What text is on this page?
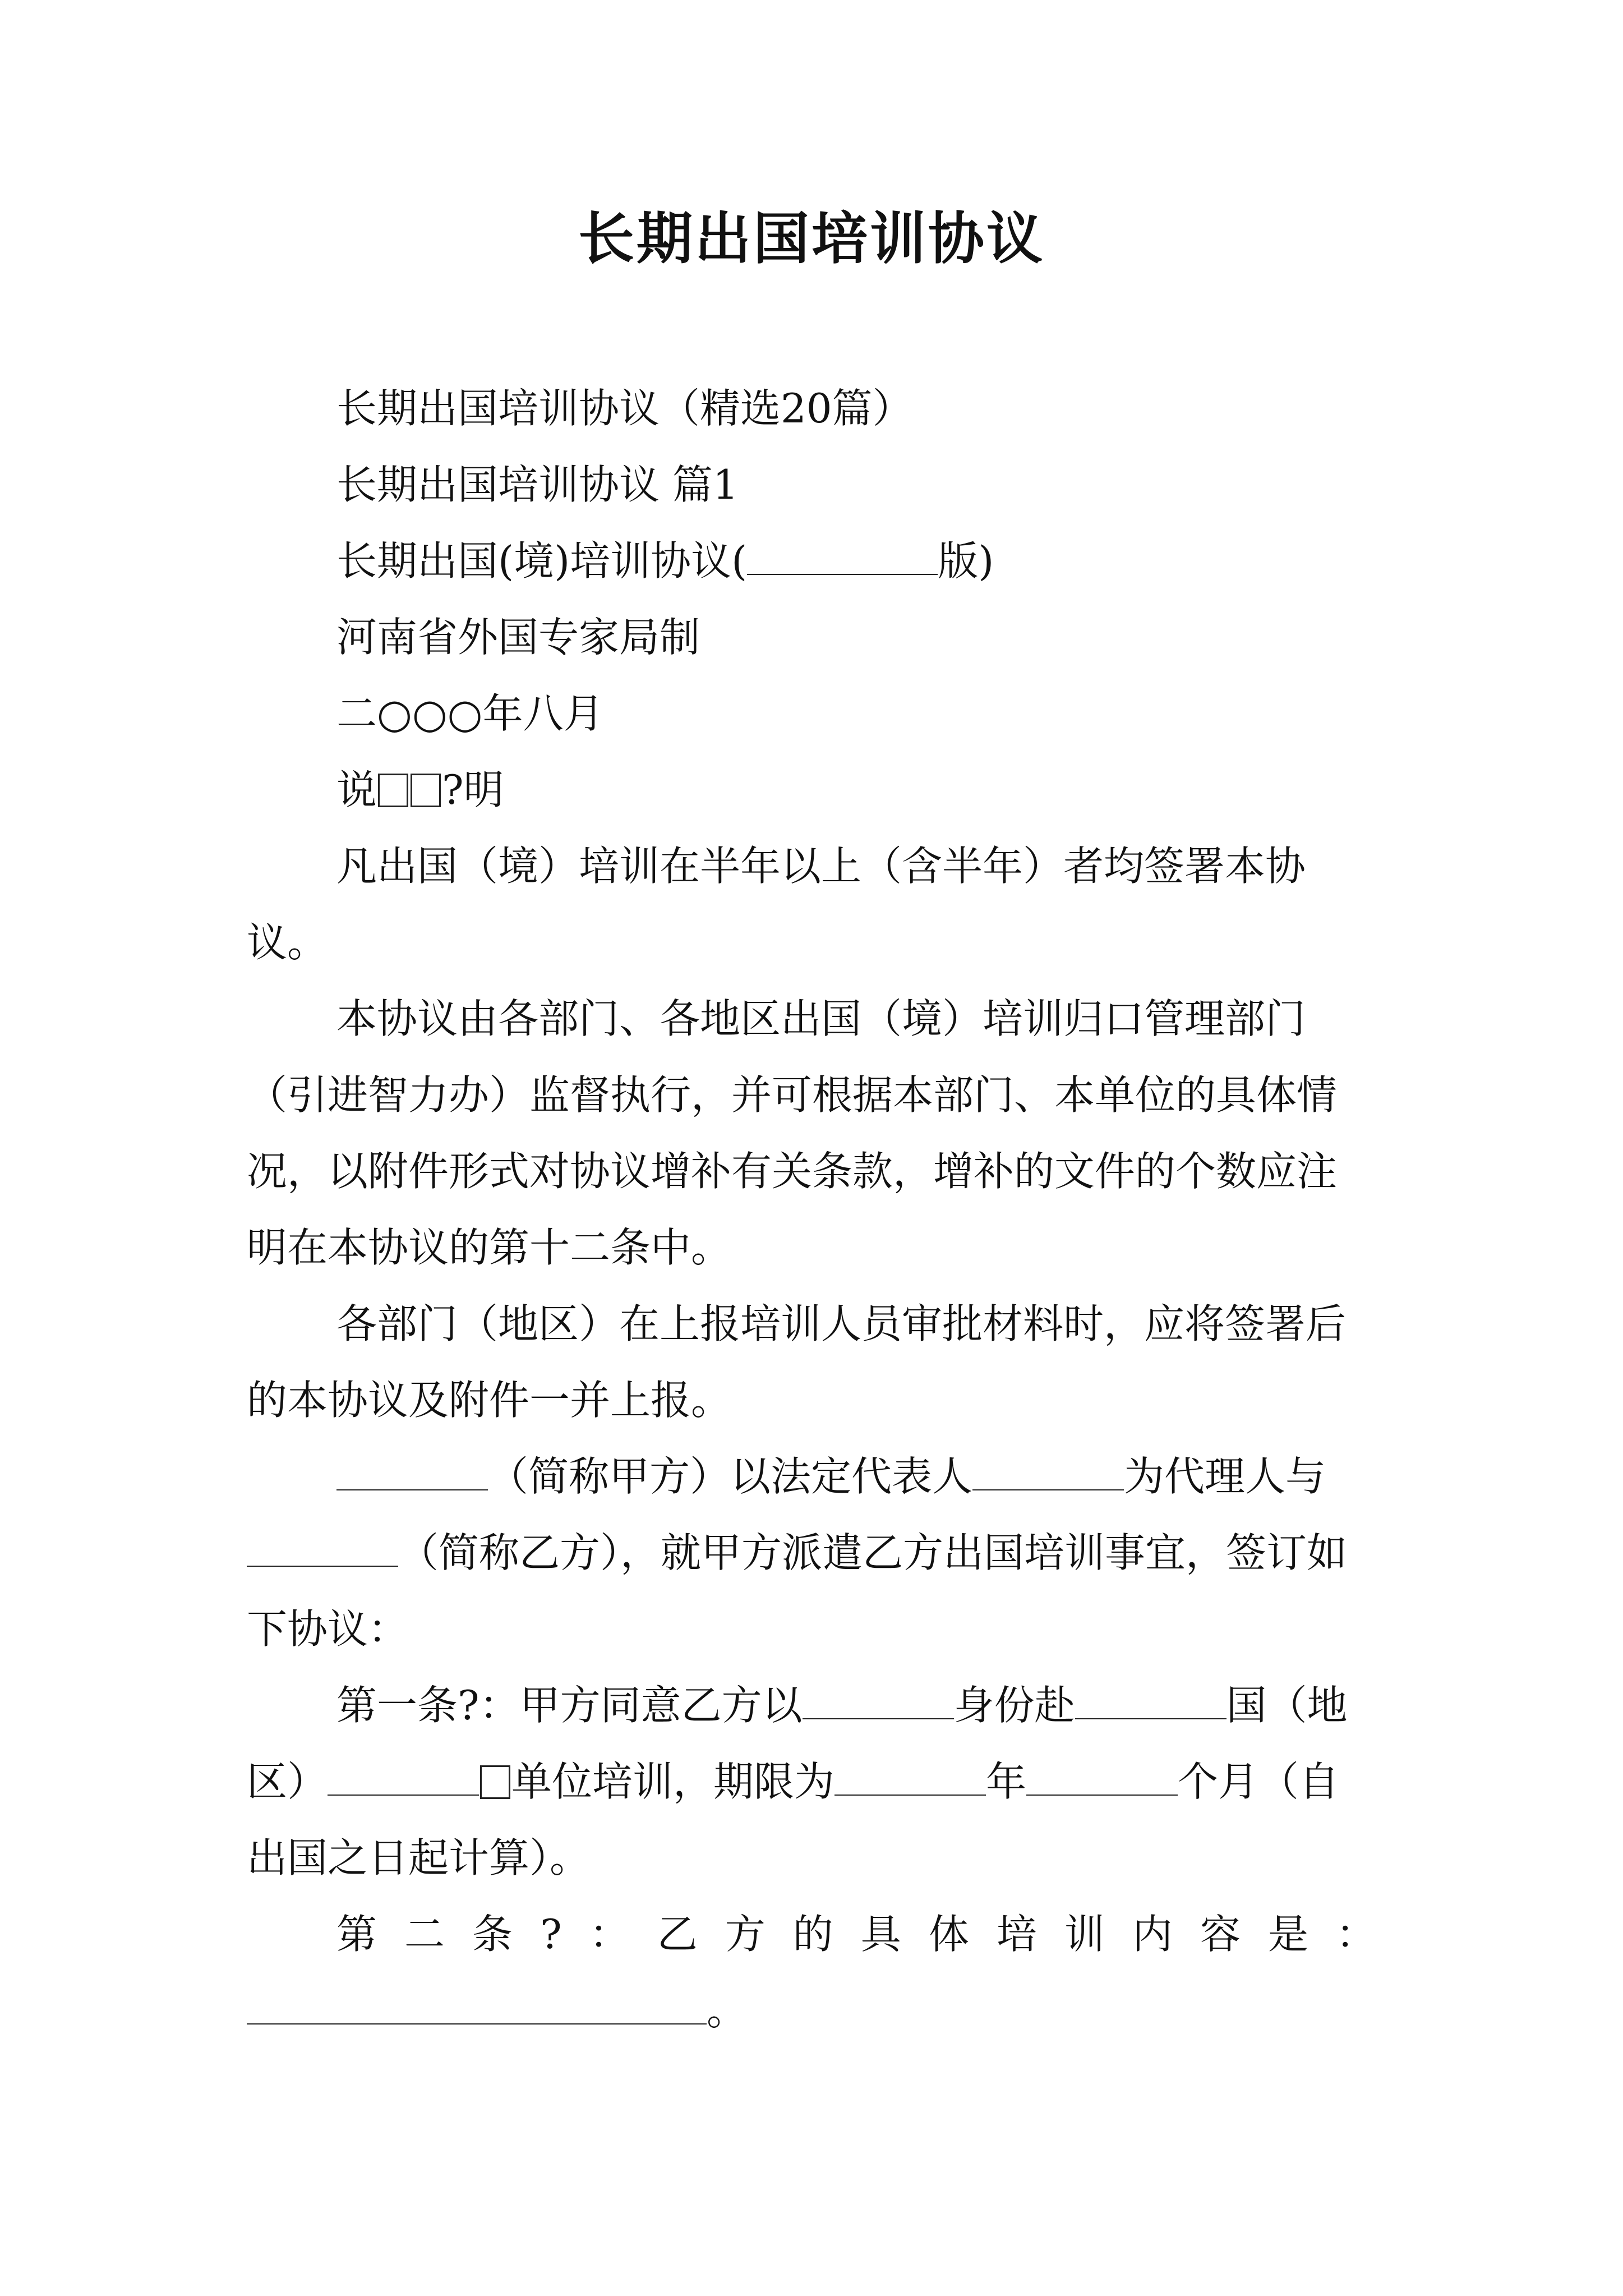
长期出国培训协议

长期出国培训协议（精选20篇）

长期出国培训协议 篇1

长期出国(境)培训协议(	版)

河南省外国专家局制

二○○○年八月

说 ?明

凡出国（境）培训在半年以上（含半年）者均签署本协议。

本协议由各部门、各地区出国（境）培训归口管理部门（引进智力办）监督执行，并可根据本部门、本单位的具体情况，以附件形式对协议增补有关条款，增补的文件的个数应注明在本协议的第十二条中。

各部门（地区）在上报培训人员审批材料时，应将签署后的本协议及附件一并上报。

（简称甲方）以法定代表人	为代理人与（简称乙方），就甲方派遣乙方出国培训事宜，签订如下协议：

第一条?：甲方同意乙方以	身份赴	国（地区）	单位培训，期限为	年	个月（自出国之日起计算）。

第二条?：乙方的具体培训内容是：

。
